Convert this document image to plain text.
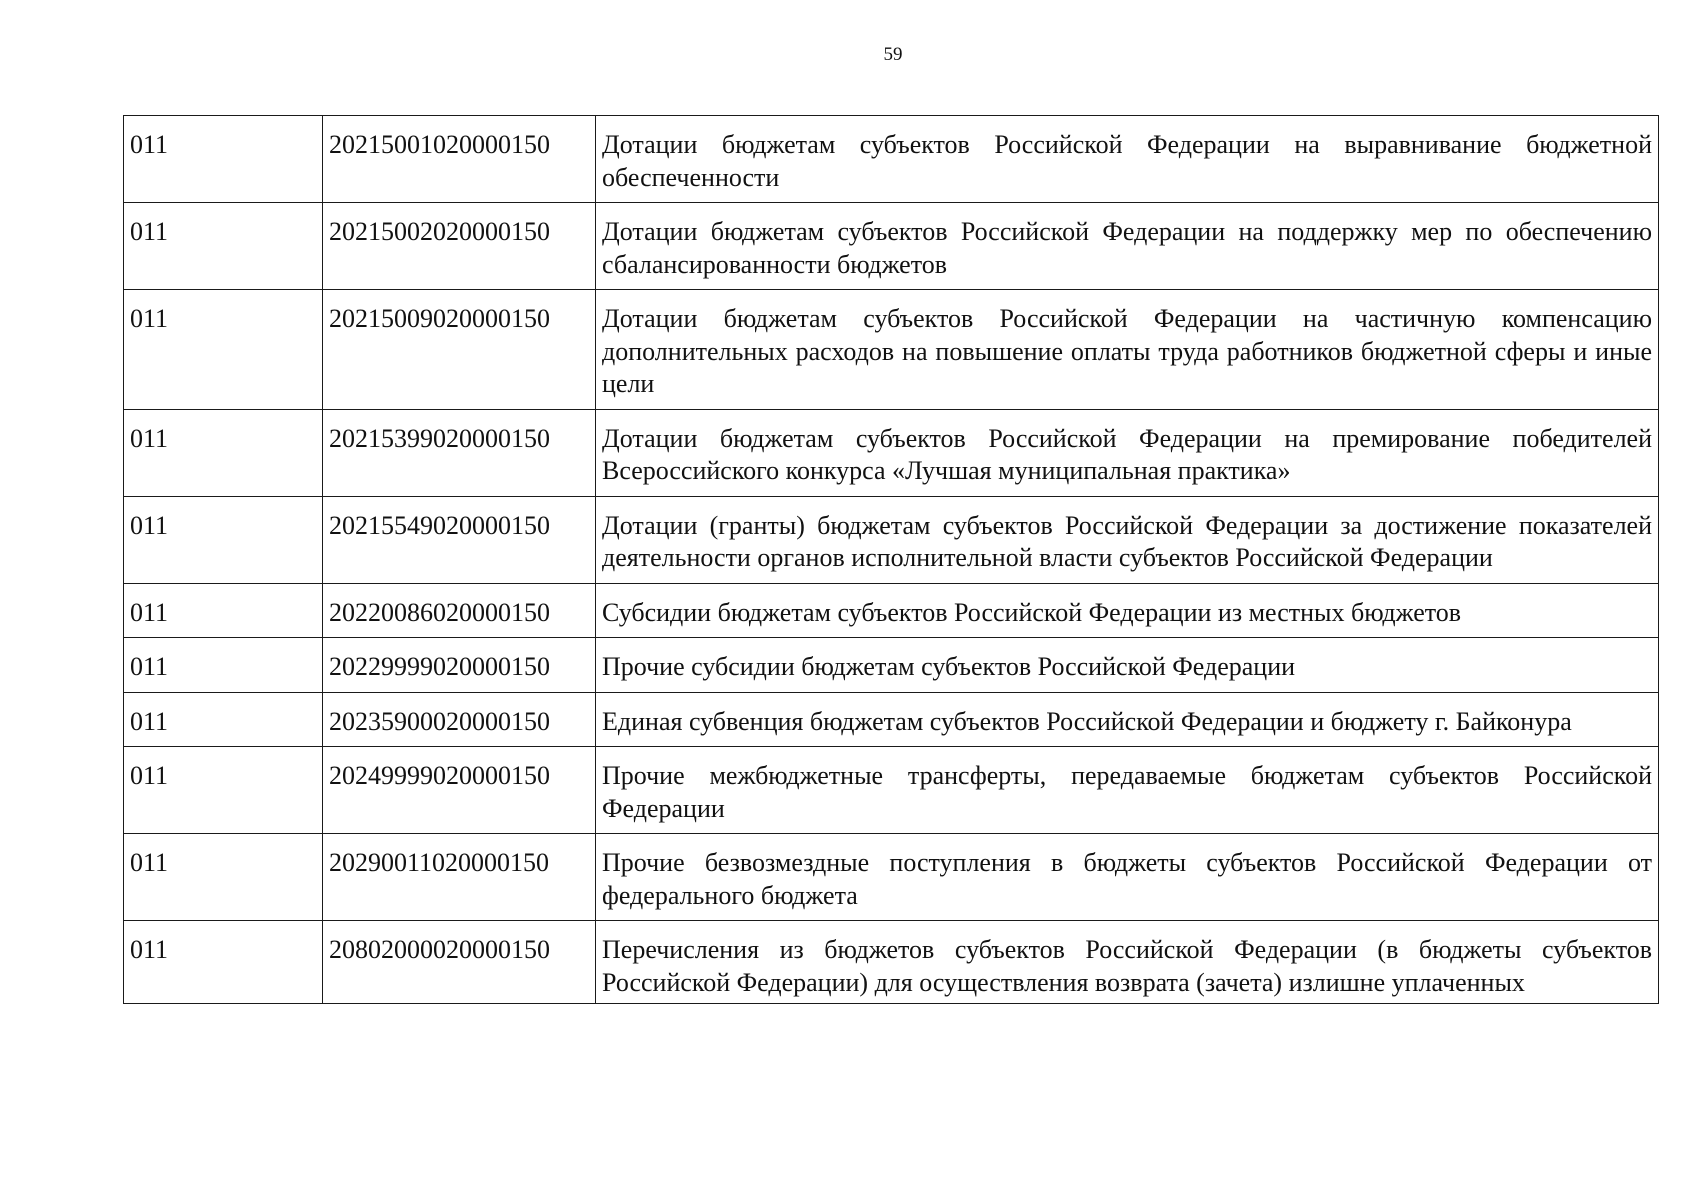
59
011	20215001020000150	Дотации бюджетам субъектов Российской Федерации на выравнивание бюджетной обеспеченности
011	20215002020000150	Дотации бюджетам субъектов Российской Федерации на поддержку мер по обеспечению сбалансированности бюджетов
011	20215009020000150	Дотации бюджетам субъектов Российской Федерации на частичную компенсацию дополнительных расходов на повышение оплаты труда работников бюджетной сферы и иные цели
011	20215399020000150	Дотации бюджетам субъектов Российской Федерации на премирование победителей Всероссийского конкурса «Лучшая муниципальная практика»
011	20215549020000150	Дотации (гранты) бюджетам субъектов Российской Федерации за достижение показателей деятельности органов исполнительной власти субъектов Российской Федерации
011	20220086020000150	Субсидии бюджетам субъектов Российской Федерации из местных бюджетов
011	20229999020000150	Прочие субсидии бюджетам субъектов Российской Федерации
011	20235900020000150	Единая субвенция бюджетам субъектов Российской Федерации и бюджету г. Байконура
011	20249999020000150	Прочие межбюджетные трансферты, передаваемые бюджетам субъектов Российской Федерации
011	20290011020000150	Прочие безвозмездные поступления в бюджеты субъектов Российской Федерации от федерального бюджета
011	20802000020000150	Перечисления из бюджетов субъектов Российской Федерации (в бюджеты субъектов Российской Федерации) для осуществления возврата (зачета) излишне уплаченных
